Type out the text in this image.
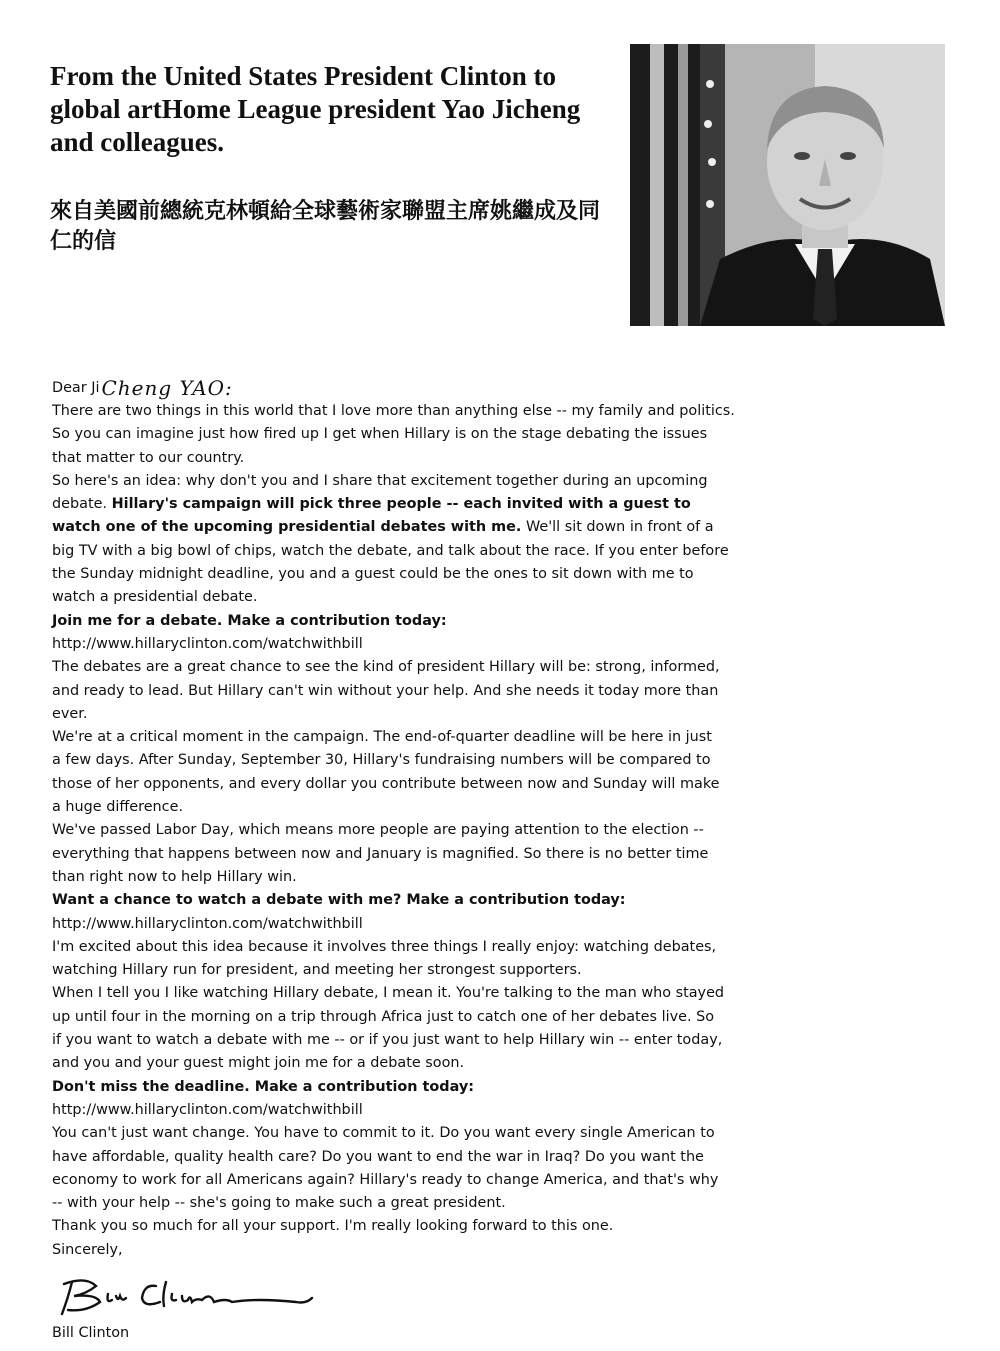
From the United States President Clinton to global artHome League president Yao Jicheng and colleagues.
來自美國前總統克林頓給全球藝術家聯盟主席姚繼成及同仁的信
Dear Ji Cheng YAO:
There are two things in this world that I love more than anything else -- my family and politics.
So you can imagine just how fired up I get when Hillary is on the stage debating the issues
that matter to our country.
So here's an idea: why don't you and I share that excitement together during an upcoming
debate. Hillary's campaign will pick three people -- each invited with a guest to
watch one of the upcoming presidential debates with me. We'll sit down in front of a
big TV with a big bowl of chips, watch the debate, and talk about the race. If you enter before
the Sunday midnight deadline, you and a guest could be the ones to sit down with me to
watch a presidential debate.
Join me for a debate. Make a contribution today:
http://www.hillaryclinton.com/watchwithbill
The debates are a great chance to see the kind of president Hillary will be: strong, informed,
and ready to lead. But Hillary can't win without your help. And she needs it today more than
ever.
We're at a critical moment in the campaign. The end-of-quarter deadline will be here in just
a few days. After Sunday, September 30, Hillary's fundraising numbers will be compared to
those of her opponents, and every dollar you contribute between now and Sunday will make
a huge difference.
We've passed Labor Day, which means more people are paying attention to the election --
everything that happens between now and January is magnified. So there is no better time
than right now to help Hillary win.
Want a chance to watch a debate with me? Make a contribution today:
http://www.hillaryclinton.com/watchwithbill
I'm excited about this idea because it involves three things I really enjoy: watching debates,
watching Hillary run for president, and meeting her strongest supporters.
When I tell you I like watching Hillary debate, I mean it. You're talking to the man who stayed
up until four in the morning on a trip through Africa just to catch one of her debates live. So
if you want to watch a debate with me -- or if you just want to help Hillary win -- enter today,
and you and your guest might join me for a debate soon.
Don't miss the deadline. Make a contribution today:
http://www.hillaryclinton.com/watchwithbill
You can't just want change. You have to commit to it. Do you want every single American to
have affordable, quality health care? Do you want to end the war in Iraq? Do you want the
economy to work for all Americans again? Hillary's ready to change America, and that's why
-- with your help -- she's going to make such a great president.
Thank you so much for all your support. I'm really looking forward to this one.
Sincerely,
Bill Clinton
